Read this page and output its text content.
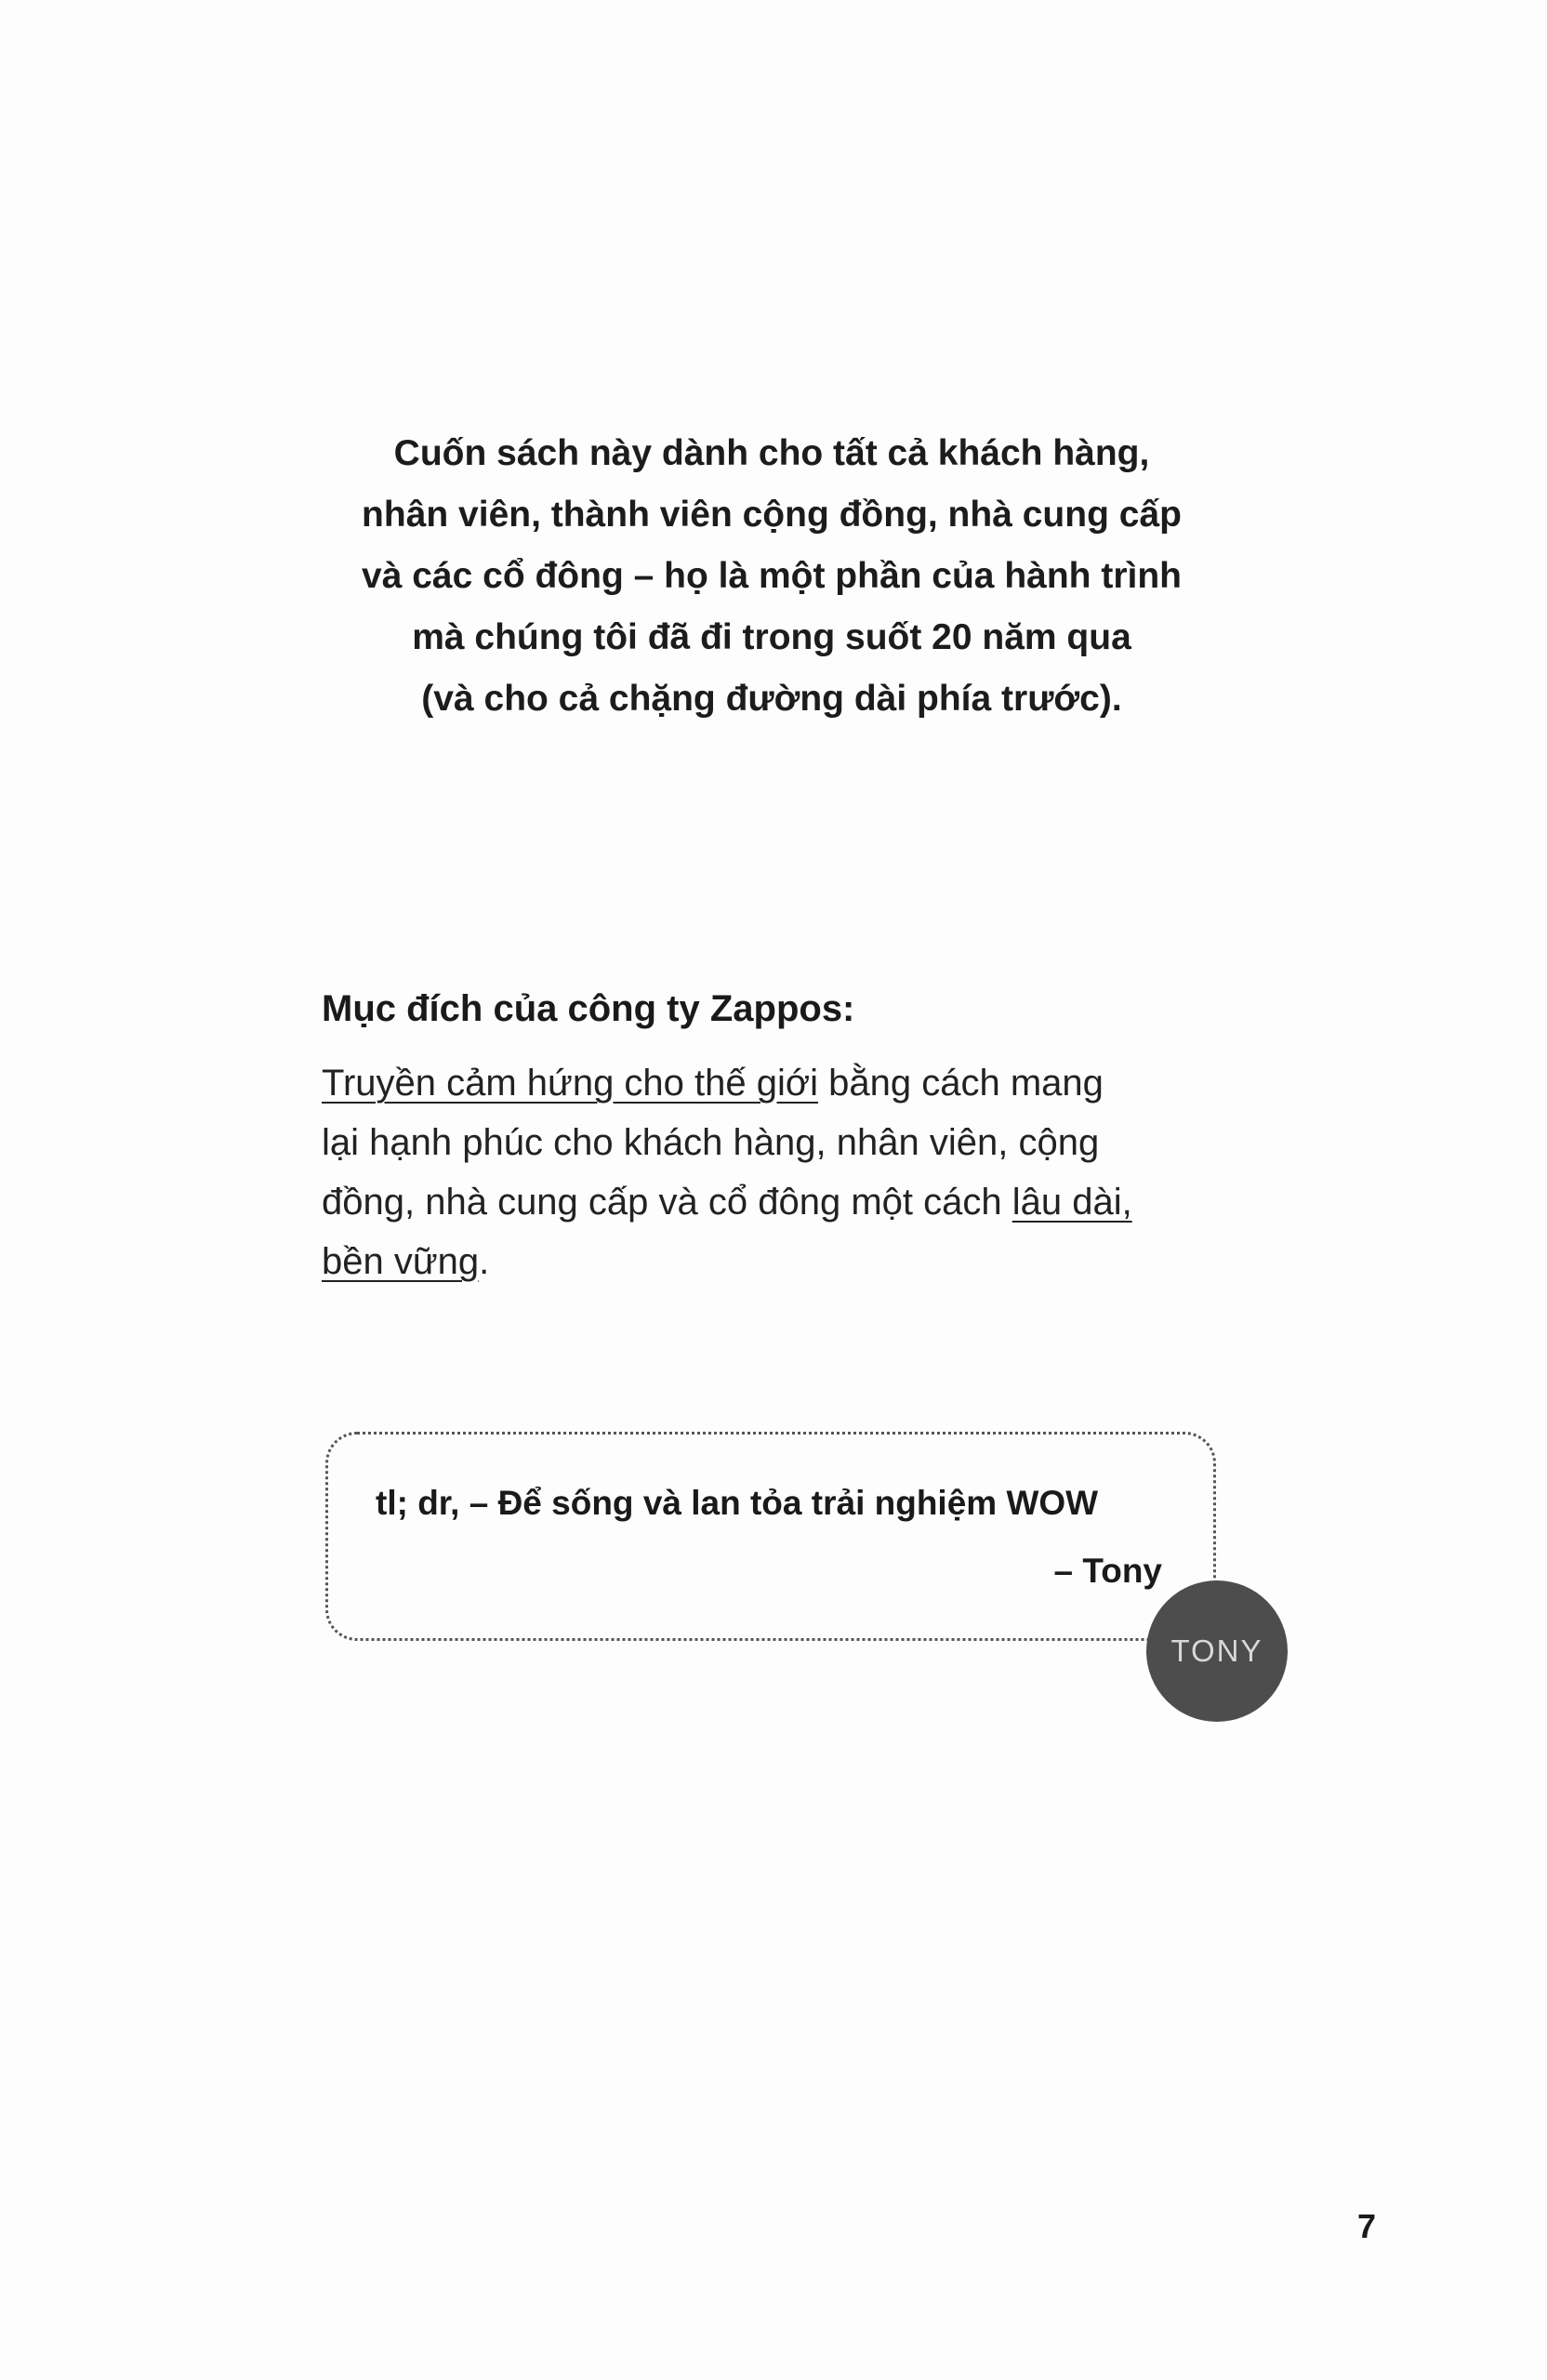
Cuốn sách này dành cho tất cả khách hàng,
nhân viên, thành viên cộng đồng, nhà cung cấp
và các cổ đông – họ là một phần của hành trình
mà chúng tôi đã đi trong suốt 20 năm qua
(và cho cả chặng đường dài phía trước).
Mục đích của công ty Zappos:
Truyền cảm hứng cho thế giới bằng cách mang
lại hạnh phúc cho khách hàng, nhân viên, cộng
đồng, nhà cung cấp và cổ đông một cách lâu dài,
bền vững.
tl; dr, – Để sống và lan tỏa trải nghiệm WOW
– Tony
TONY
7
